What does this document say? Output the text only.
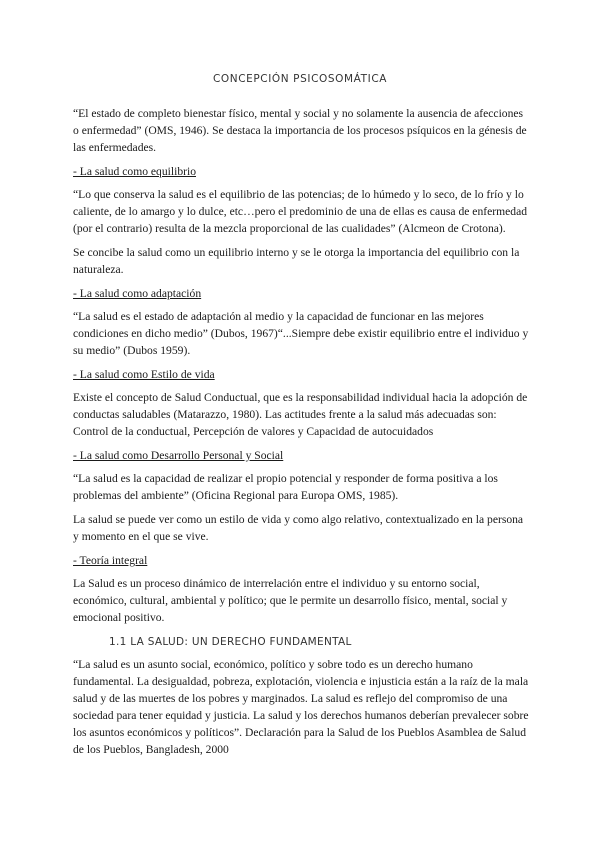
CONCEPCIÓN PSICOSOMÁTICA

“El estado de completo bienestar físico, mental y social y no solamente la ausencia de afecciones o enfermedad” (OMS, 1946). Se destaca la importancia de los procesos psíquicos en la génesis de las enfermedades.

- La salud como equilibrio

“Lo que conserva la salud es el equilibrio de las potencias; de lo húmedo y lo seco, de lo frío y lo caliente, de lo amargo y lo dulce, etc…pero el predominio de una de ellas es causa de enfermedad (por el contrario) resulta de la mezcla proporcional de las cualidades” (Alcmeon de Crotona).

Se concibe la salud como un equilibrio interno y se le otorga la importancia del equilibrio con la naturaleza.

- La salud como adaptación

“La salud es el estado de adaptación al medio y la capacidad de funcionar en las mejores condiciones en dicho medio” (Dubos, 1967)“...Siempre debe existir equilibrio entre el individuo y su medio” (Dubos 1959).

- La salud como Estilo de vida

Existe el concepto de Salud Conductual, que es la responsabilidad individual hacia la adopción de conductas saludables (Matarazzo, 1980). Las actitudes frente a la salud más adecuadas son: Control de la conductual, Percepción de valores y Capacidad de autocuidados

- La salud como Desarrollo Personal y Social

“La salud es la capacidad de realizar el propio potencial y responder de forma positiva a los problemas del ambiente” (Oficina Regional para Europa OMS, 1985).

La salud se puede ver como un estilo de vida y como algo relativo, contextualizado en la persona y momento en el que se vive.

- Teoría integral

La Salud es un proceso dinámico de interrelación entre el individuo y su entorno social, económico, cultural, ambiental y político; que le permite un desarrollo físico, mental, social y emocional positivo.

1.1 LA SALUD: UN DERECHO FUNDAMENTAL

“La salud es un asunto social, económico, político y sobre todo es un derecho humano fundamental. La desigualdad, pobreza, explotación, violencia e injusticia están a la raíz de la mala salud y de las muertes de los pobres y marginados. La salud es reflejo del compromiso de una sociedad para tener equidad y justicia. La salud y los derechos humanos deberían prevalecer sobre los asuntos económicos y políticos”. Declaración para la Salud de los Pueblos Asamblea de Salud de los Pueblos, Bangladesh, 2000
